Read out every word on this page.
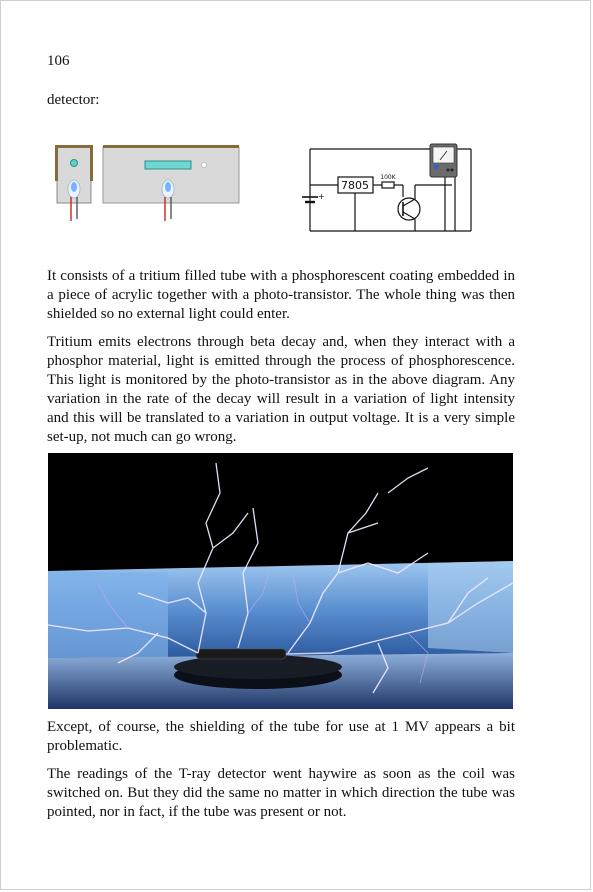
106
detector:
7805
100K
+

It consists of a tritium filled tube with a phosphorescent coating embedded in a piece of acrylic together with a photo-transistor. The whole thing was then shielded so no external light could enter.

Tritium emits electrons through beta decay and, when they interact with a phosphor material, light is emitted through the process of phosphorescence. This light is monitored by the photo-transistor as in the above diagram. Any variation in the rate of the decay will result in a variation of light intensity and this will be translated to a variation in output voltage. It is a very simple set-up, not much can go wrong.

Except, of course, the shielding of the tube for use at 1 MV appears a bit problematic.

The readings of the T-ray detector went haywire as soon as the coil was switched on. But they did the same no matter in which direction the tube was pointed, nor in fact, if the tube was present or not.
